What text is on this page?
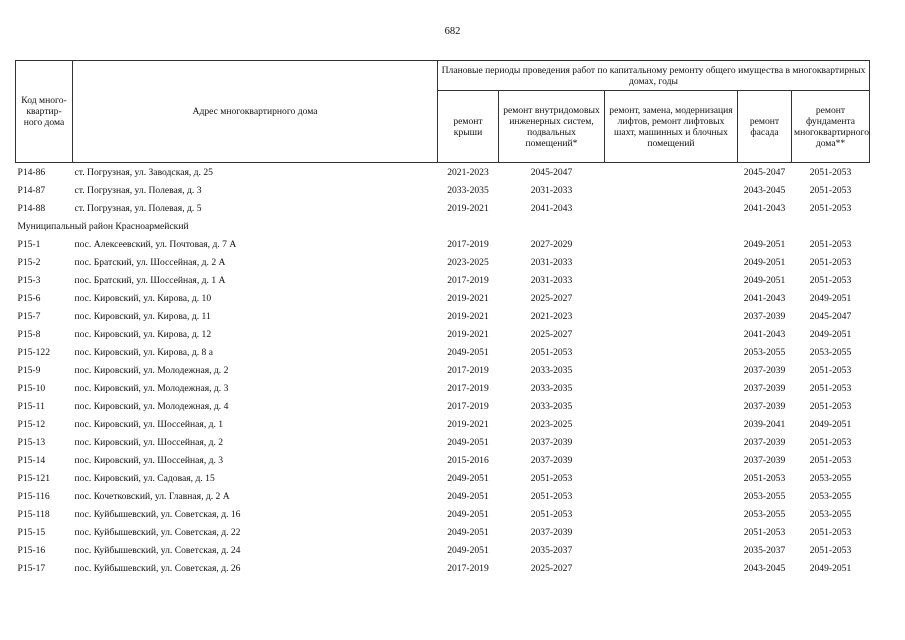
682
Код много-квартир-ного дома	Адрес многоквартирного дома	Плановые периоды проведения работ по капитальному ремонту общего имущества в многоквартирных домах, годы				
		ремонт крыши	ремонт внутридомовых инженерных систем, подвальных помещений*	ремонт, замена, модернизация лифтов, ремонт лифтовых шахт, машинных и блочных помещений	ремонт фасада	ремонт фундамента многоквартирного дома**
Р14-86	ст. Погрузная, ул. Заводская, д. 25	2021-2023	2045-2047		2045-2047	2051-2053
Р14-87	ст. Погрузная, ул. Полевая, д. 3	2033-2035	2031-2033		2043-2045	2051-2053
Р14-88	ст. Погрузная, ул. Полевая, д. 5	2019-2021	2041-2043		2041-2043	2051-2053
Муниципальный район Красноармейский						
Р15-1	пос. Алексеевский, ул. Почтовая, д. 7 А	2017-2019	2027-2029		2049-2051	2051-2053
Р15-2	пос. Братский, ул. Шоссейная, д. 2 А	2023-2025	2031-2033		2049-2051	2051-2053
Р15-3	пос. Братский, ул. Шоссейная, д. 1 А	2017-2019	2031-2033		2049-2051	2051-2053
Р15-6	пос. Кировский, ул. Кирова, д. 10	2019-2021	2025-2027		2041-2043	2049-2051
Р15-7	пос. Кировский, ул. Кирова, д. 11	2019-2021	2021-2023		2037-2039	2045-2047
Р15-8	пос. Кировский, ул. Кирова, д. 12	2019-2021	2025-2027		2041-2043	2049-2051
Р15-122	пос. Кировский, ул. Кирова, д. 8 а	2049-2051	2051-2053		2053-2055	2053-2055
Р15-9	пос. Кировский, ул. Молодежная, д. 2	2017-2019	2033-2035		2037-2039	2051-2053
Р15-10	пос. Кировский, ул. Молодежная, д. 3	2017-2019	2033-2035		2037-2039	2051-2053
Р15-11	пос. Кировский, ул. Молодежная, д. 4	2017-2019	2033-2035		2037-2039	2051-2053
Р15-12	пос. Кировский, ул. Шоссейная, д. 1	2019-2021	2023-2025		2039-2041	2049-2051
Р15-13	пос. Кировский, ул. Шоссейная, д. 2	2049-2051	2037-2039		2037-2039	2051-2053
Р15-14	пос. Кировский, ул. Шоссейная, д. 3	2015-2016	2037-2039		2037-2039	2051-2053
Р15-121	пос. Кировский, ул. Садовая, д. 15	2049-2051	2051-2053		2051-2053	2053-2055
Р15-116	пос. Кочетковский, ул. Главная, д. 2 А	2049-2051	2051-2053		2053-2055	2053-2055
Р15-118	пос. Куйбышевский, ул. Советская, д. 16	2049-2051	2051-2053		2053-2055	2053-2055
Р15-15	пос. Куйбышевский, ул. Советская, д. 22	2049-2051	2037-2039		2051-2053	2051-2053
Р15-16	пос. Куйбышевский, ул. Советская, д. 24	2049-2051	2035-2037		2035-2037	2051-2053
Р15-17	пос. Куйбышевский, ул. Советская, д. 26	2017-2019	2025-2027		2043-2045	2049-2051
